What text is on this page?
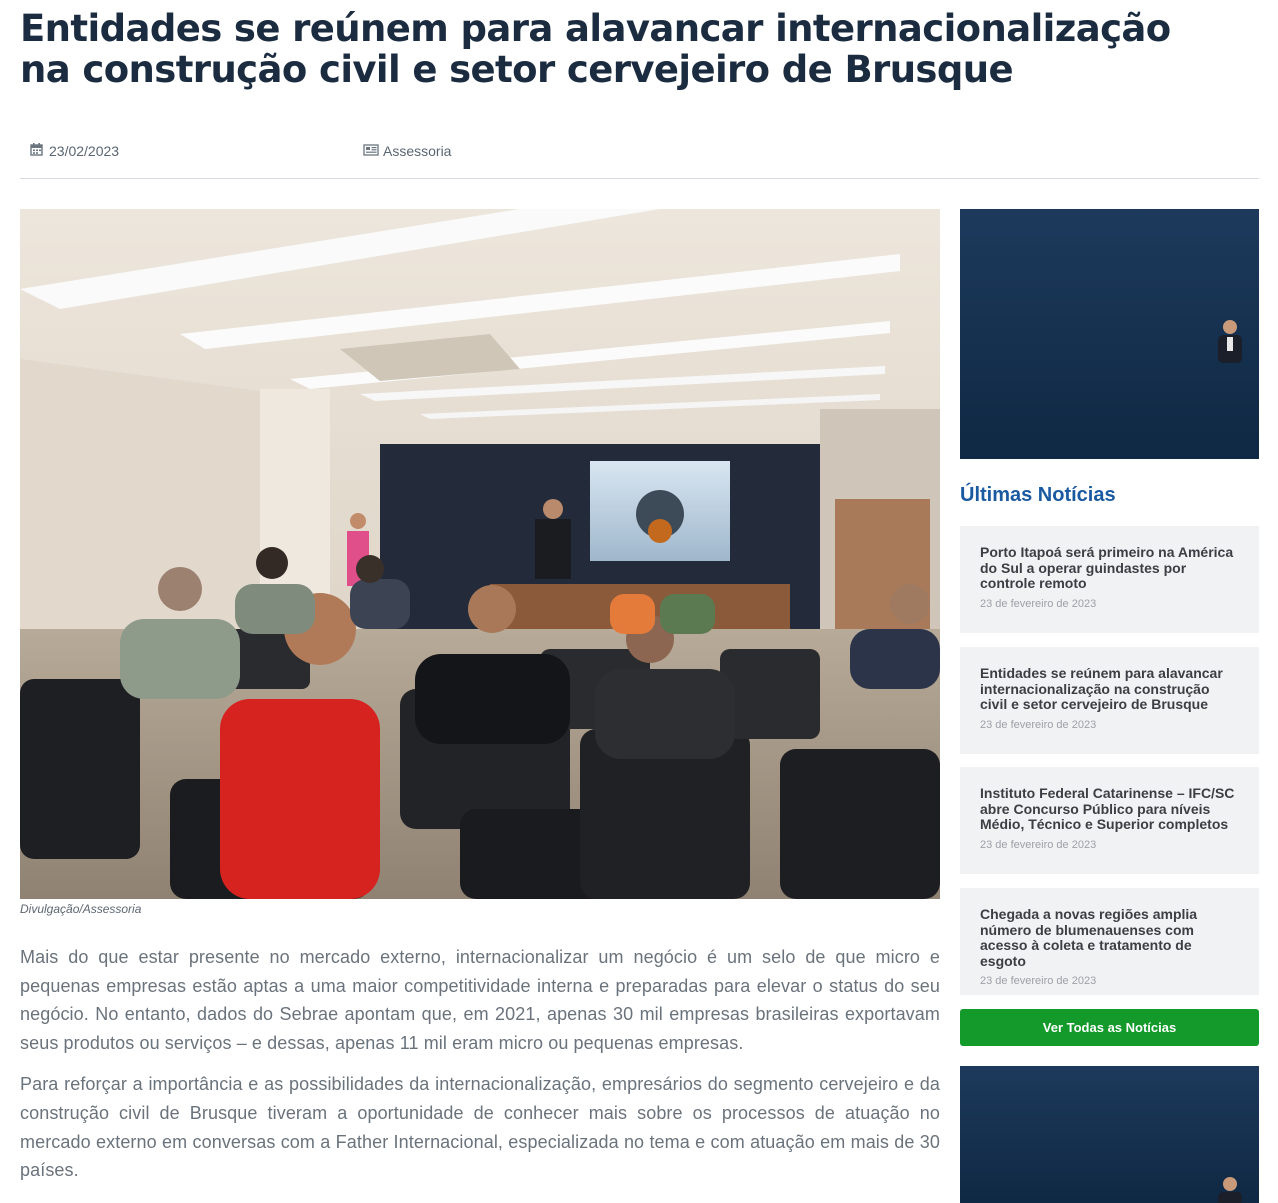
Entidades se reúnem para alavancar internacionalização na construção civil e setor cervejeiro de Brusque
23/02/2023	Assessoria
Divulgação/Assessoria

Mais do que estar presente no mercado externo, internacionalizar um negócio é um selo de que micro e pequenas empresas estão aptas a uma maior competitividade interna e preparadas para elevar o status do seu negócio. No entanto, dados do Sebrae apontam que, em 2021, apenas 30 mil empresas brasileiras exportavam seus produtos ou serviços – e dessas, apenas 11 mil eram micro ou pequenas empresas.

Para reforçar a importância e as possibilidades da internacionalização, empresários do segmento cervejeiro e da construção civil de Brusque tiveram a oportunidade de conhecer mais sobre os processos de atuação no mercado externo em conversas com a Father Internacional, especializada no tema e com atuação em mais de 30 países.

Últimas Notícias
Porto Itapoá será primeiro na América do Sul a operar guindastes por controle remoto
23 de fevereiro de 2023
Entidades se reúnem para alavancar internacionalização na construção civil e setor cervejeiro de Brusque
23 de fevereiro de 2023
Instituto Federal Catarinense – IFC/SC abre Concurso Público para níveis Médio, Técnico e Superior completos
23 de fevereiro de 2023
Chegada a novas regiões amplia número de blumenauenses com acesso à coleta e tratamento de esgoto
23 de fevereiro de 2023
Ver Todas as Notícias
